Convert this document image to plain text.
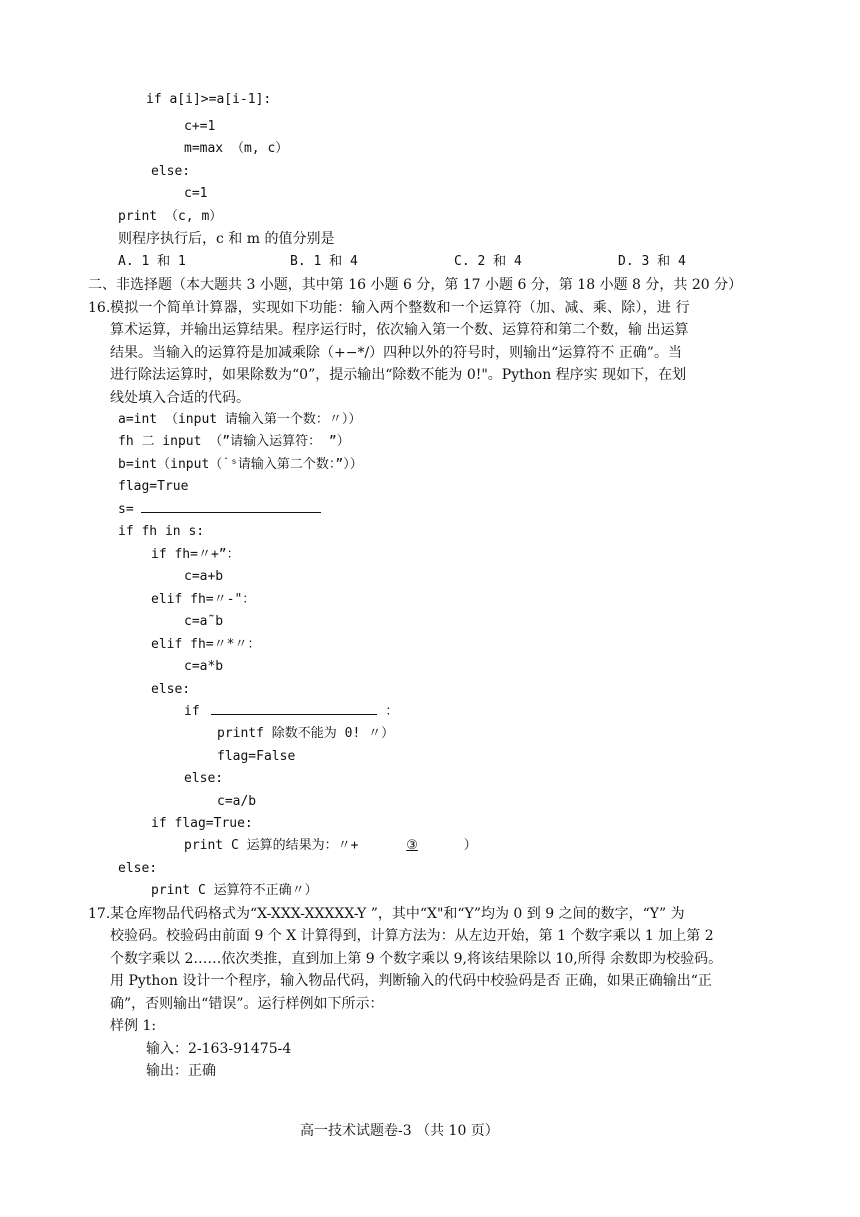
if a[i]>=a[i-1]:
c+=1
m=max （m, c）
else:
c=1
print （c, m）
则程序执行后，c 和 m 的值分别是
A. 1 和 1	B. 1 和 4	C. 2 和 4	D. 3 和 4
二、非选择题（本大题共 3 小题，其中第 16 小题 6 分，第 17 小题 6 分，第 18 小题 8 分，共 20 分）
16. 模拟一个简单计算器，实现如下功能：输入两个整数和一个运算符（加、减、乘、除），进 行
算术运算，并输出运算结果。程序运行时，依次输入第一个数、运算符和第二个数，输 出运算
结果。当输入的运算符是加减乘除（+−*/）四种以外的符号时，则输出“运算符不 正确”。当
进行除法运算时，如果除数为“0”，提示输出“除数不能为 0!"。Python 程序实 现如下，在划
线处填入合适的代码。
a=int （input 请输入第一个数：〃））
fh 二 input （”请输入运算符： ”）
b=int（input（˙ˢ请输入第二个数：”））
flag=True
s=
if fh in s:
if fh=〃+”：
c=a+b
elif fh=〃-"：
c=a˜b
elif fh=〃*〃：
c=a*b
else:
if	：
printf 除数不能为 0! 〃）
flag=False
else:
c=a/b
if flag=True:
print C 运算的结果为：〃+	③	）
else:
print C 运算符不正确〃）
17. 某仓库物品代码格式为“X-XXX-XXXXX-Y ”，其中“X"和“Y”均为 0 到 9 之间的数字，“Y” 为
校验码。校验码由前面 9 个 X 计算得到，计算方法为：从左边开始，第 1 个数字乘以 1 加上第 2
个数字乘以 2……依次类推，直到加上第 9 个数字乘以 9,将该结果除以 10,所得 余数即为校验码。
用 Python 设计一个程序，输入物品代码，判断输入的代码中校验码是否 正确，如果正确输出“正
确”，否则输出“错误”。运行样例如下所示：
样例 1:
输入：2-163-91475-4
输出：正确
高一技术试题卷-3 （共 10 页）
